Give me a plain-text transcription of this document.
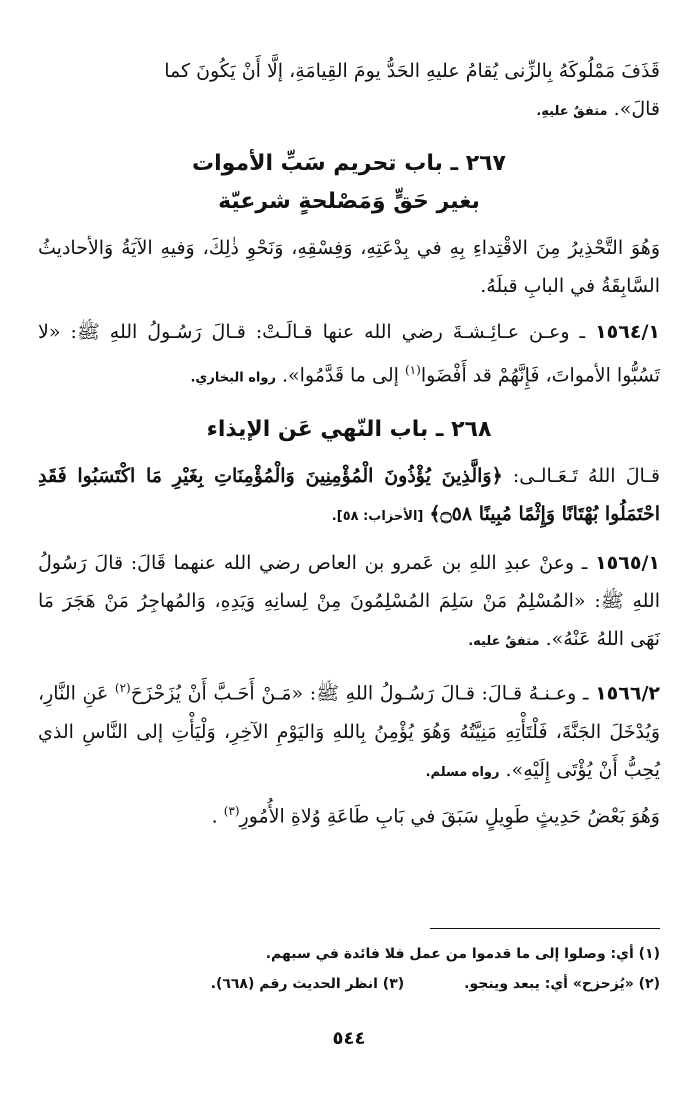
قَذَفَ مَمْلُوكَهُ بِالزِّنى يُقامُ عليهِ الحَدُّ يومَ القِيامَةِ، إلَّا أَنْ يَكُونَ كما
قالَ». متفقٌ عليهِ.

٢٦٧ ـ باب تحريم سَبِّ الأموات
بغير حَقٍّ وَمَصْلحةٍ شرعيّة

وَهُوَ التَّحْذِيرُ مِنَ الاقْتِداءِ بِهِ في بِدْعَتِهِ، وَفِسْقِهِ، وَنَحْوِ ذٰلِكَ، وَفيهِ الآيَةُ وَالأحاديثُ السَّابِقَةُ في البابِ قبلَهُ.

١٥٦٤/١ ـ وعـن عـائِـشـةَ رضي الله عنها قـالَـتْ: قـالَ رَسُـولُ اللهِ ﷺ: «لا تَسُبُّوا الأمواتَ، فَإِنَّهُمْ قد أَفْضَوا$^{(١)}$ إلى ما قَدَّمُوا». رواه البخاري.

٢٦٨ ـ باب النّهي عَن الإيذاء

قـالَ اللهُ تَـعَـالـى: ﴿وَالَّذِينَ يُؤْذُونَ الْمُؤْمِنِينَ وَالْمُؤْمِنَاتِ بِغَيْرِ مَا اكْتَسَبُوا فَقَدِ احْتَمَلُوا بُهْتَانًا وَإِثْمًا مُبِينًا ۝٥٨﴾ [الأحزاب: ٥٨].

١٥٦٥/١ ـ وعنْ عبدِ اللهِ بن عَمرو بن العاص رضي الله عنهما قَالَ: قالَ رَسُولُ اللهِ ﷺ: «المُسْلِمُ مَنْ سَلِمَ المُسْلِمُونَ مِنْ لِسانِهِ وَيَدِهِ، وَالمُهاجِرُ مَنْ هَجَرَ مَا نَهَى اللهُ عَنْهُ». متفقٌ عليه.

١٥٦٦/٢ ـ وعـنـهُ قـالَ: قـالَ رَسُـولُ اللهِ ﷺ: «مَـنْ أَحَـبَّ أَنْ يُزَحْزَحَ$^{(٢)}$ عَنِ النَّارِ، وَيُدْخَلَ الجَنَّةَ، فَلْتَأْتِهِ مَنِيَّتُهُ وَهُوَ يُؤْمِنُ بِاللهِ وَاليَوْمِ الآخِرِ، وَلْيَأْتِ إلى النَّاسِ الذي يُحِبُّ أَنْ يُؤْتَى إِلَيْهِ». رواه مسلم.

وَهُوَ بَعْضُ حَدِيثٍ طَوِيلٍ سَبَقَ في بَابِ طَاعَةِ وُلاةِ الأُمُورِ$^{(٣)}$ .

(١) أي: وصلوا إلى ما قدموا من عمل فلا فائدة في سبهم.
(٢) «يُزحزح» أي: يبعد وينجو.
(٣) انظر الحديث رقم (٦٦٨).
٥٤٤
